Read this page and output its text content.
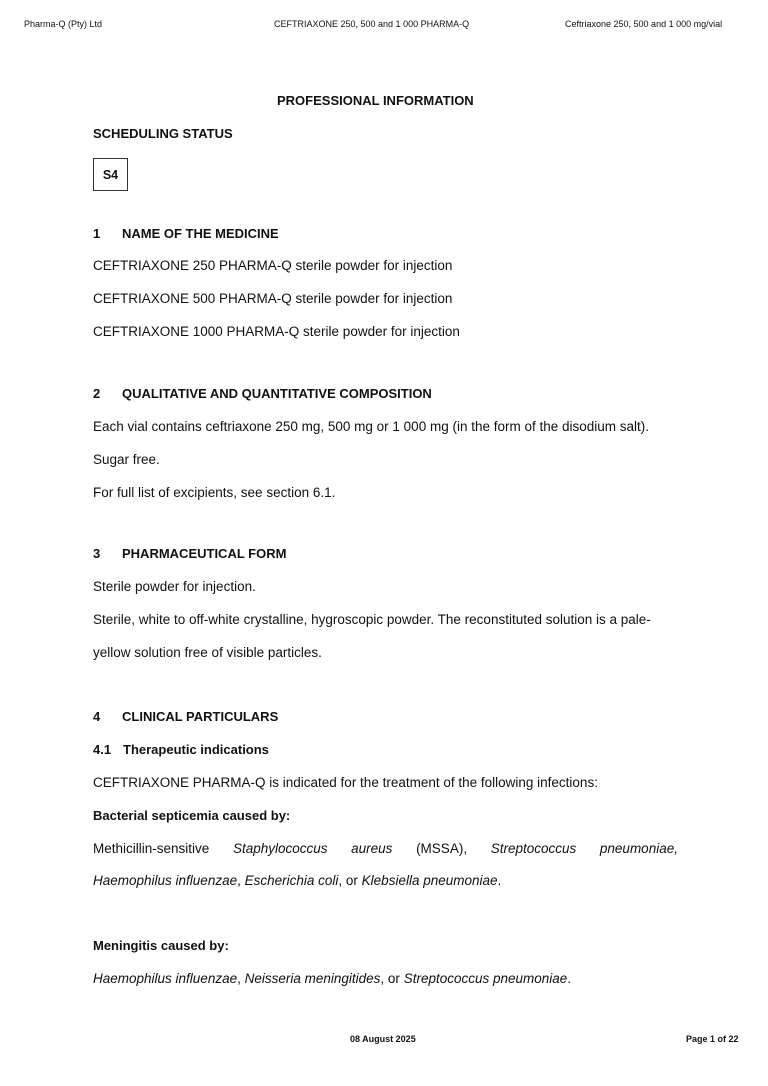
Pharma-Q (Pty) Ltd	CEFTRIAXONE 250, 500 and 1 000 PHARMA-Q	Ceftriaxone 250, 500 and 1 000 mg/vial
PROFESSIONAL INFORMATION
SCHEDULING STATUS
S4
1 NAME OF THE MEDICINE
CEFTRIAXONE 250 PHARMA-Q sterile powder for injection
CEFTRIAXONE 500 PHARMA-Q sterile powder for injection
CEFTRIAXONE 1000 PHARMA-Q sterile powder for injection
2 QUALITATIVE AND QUANTITATIVE COMPOSITION
Each vial contains ceftriaxone 250 mg, 500 mg or 1 000 mg (in the form of the disodium salt).
Sugar free.
For full list of excipients, see section 6.1.
3 PHARMACEUTICAL FORM
Sterile powder for injection.
Sterile, white to off-white crystalline, hygroscopic powder. The reconstituted solution is a pale-
yellow solution free of visible particles.
4 CLINICAL PARTICULARS
4.1 Therapeutic indications
CEFTRIAXONE PHARMA-Q is indicated for the treatment of the following infections:
Bacterial septicemia caused by:
Methicillin-sensitive Staphylococcus aureus (MSSA), Streptococcus pneumoniae,
Haemophilus influenzae, Escherichia coli, or Klebsiella pneumoniae.
Meningitis caused by:
Haemophilus influenzae, Neisseria meningitides, or Streptococcus pneumoniae.
08 August 2025	Page 1 of 22
